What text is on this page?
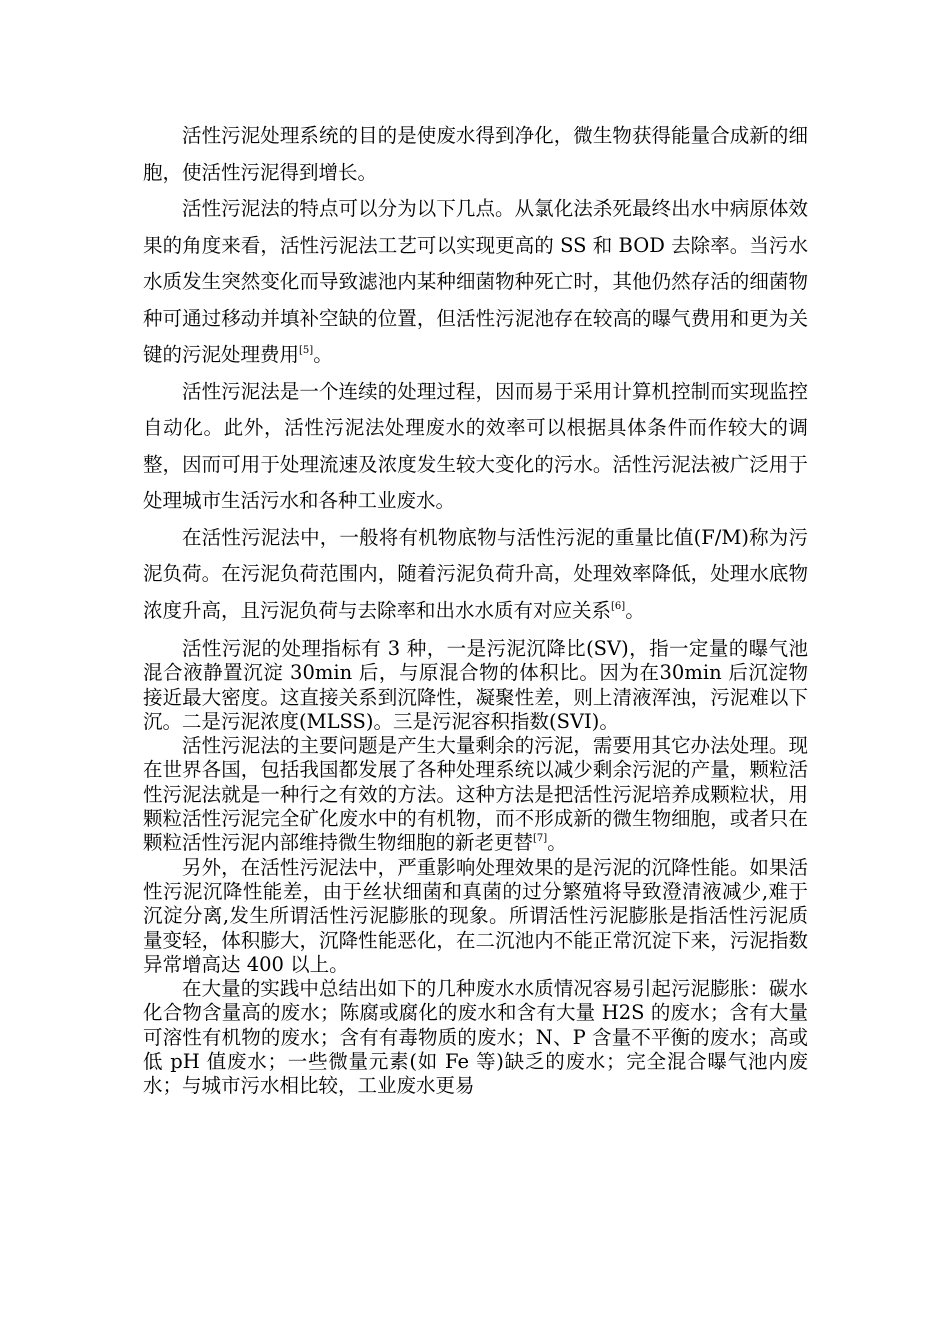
活性污泥处理系统的目的是使废水得到净化，微生物获得能量合成新的细胞，使活性污泥得到增长。

活性污泥法的特点可以分为以下几点。从氯化法杀死最终出水中病原体效果的角度来看，活性污泥法工艺可以实现更高的 SS 和 BOD 去除率。当污水水质发生突然变化而导致滤池内某种细菌物种死亡时，其他仍然存活的细菌物种可通过移动并填补空缺的位置，但活性污泥池存在较高的曝气费用和更为关键的污泥处理费用[5]。

活性污泥法是一个连续的处理过程，因而易于采用计算机控制而实现监控自动化。此外，活性污泥法处理废水的效率可以根据具体条件而作较大的调整，因而可用于处理流速及浓度发生较大变化的污水。活性污泥法被广泛用于处理城市生活污水和各种工业废水。

在活性污泥法中，一般将有机物底物与活性污泥的重量比值(F/M)称为污泥负荷。在污泥负荷范围内，随着污泥负荷升高，处理效率降低，处理水底物浓度升高，且污泥负荷与去除率和出水水质有对应关系[6]。

活性污泥的处理指标有 3 种，一是污泥沉降比(SV)，指一定量的曝气池混合液静置沉淀 30min 后，与原混合物的体积比。因为在30min 后沉淀物接近最大密度。这直接关系到沉降性，凝聚性差，则上清液浑浊，污泥难以下沉。二是污泥浓度(MLSS)。三是污泥容积指数(SVI)。

活性污泥法的主要问题是产生大量剩余的污泥，需要用其它办法处理。现在世界各国，包括我国都发展了各种处理系统以减少剩余污泥的产量，颗粒活性污泥法就是一种行之有效的方法。这种方法是把活性污泥培养成颗粒状，用颗粒活性污泥完全矿化废水中的有机物，而不形成新的微生物细胞，或者只在颗粒活性污泥内部维持微生物细胞的新老更替[7]。

另外，在活性污泥法中，严重影响处理效果的是污泥的沉降性能。如果活性污泥沉降性能差，由于丝状细菌和真菌的过分繁殖将导致澄清液减少,难于沉淀分离,发生所谓活性污泥膨胀的现象。所谓活性污泥膨胀是指活性污泥质量变轻，体积膨大，沉降性能恶化，在二沉池内不能正常沉淀下来，污泥指数异常增高达 400 以上。

在大量的实践中总结出如下的几种废水水质情况容易引起污泥膨胀：碳水化合物含量高的废水；陈腐或腐化的废水和含有大量 H2S 的废水；含有大量可溶性有机物的废水；含有有毒物质的废水；N、P 含量不平衡的废水；高或低 pH 值废水；一些微量元素(如 Fe 等)缺乏的废水；完全混合曝气池内废水；与城市污水相比较，工业废水更易
